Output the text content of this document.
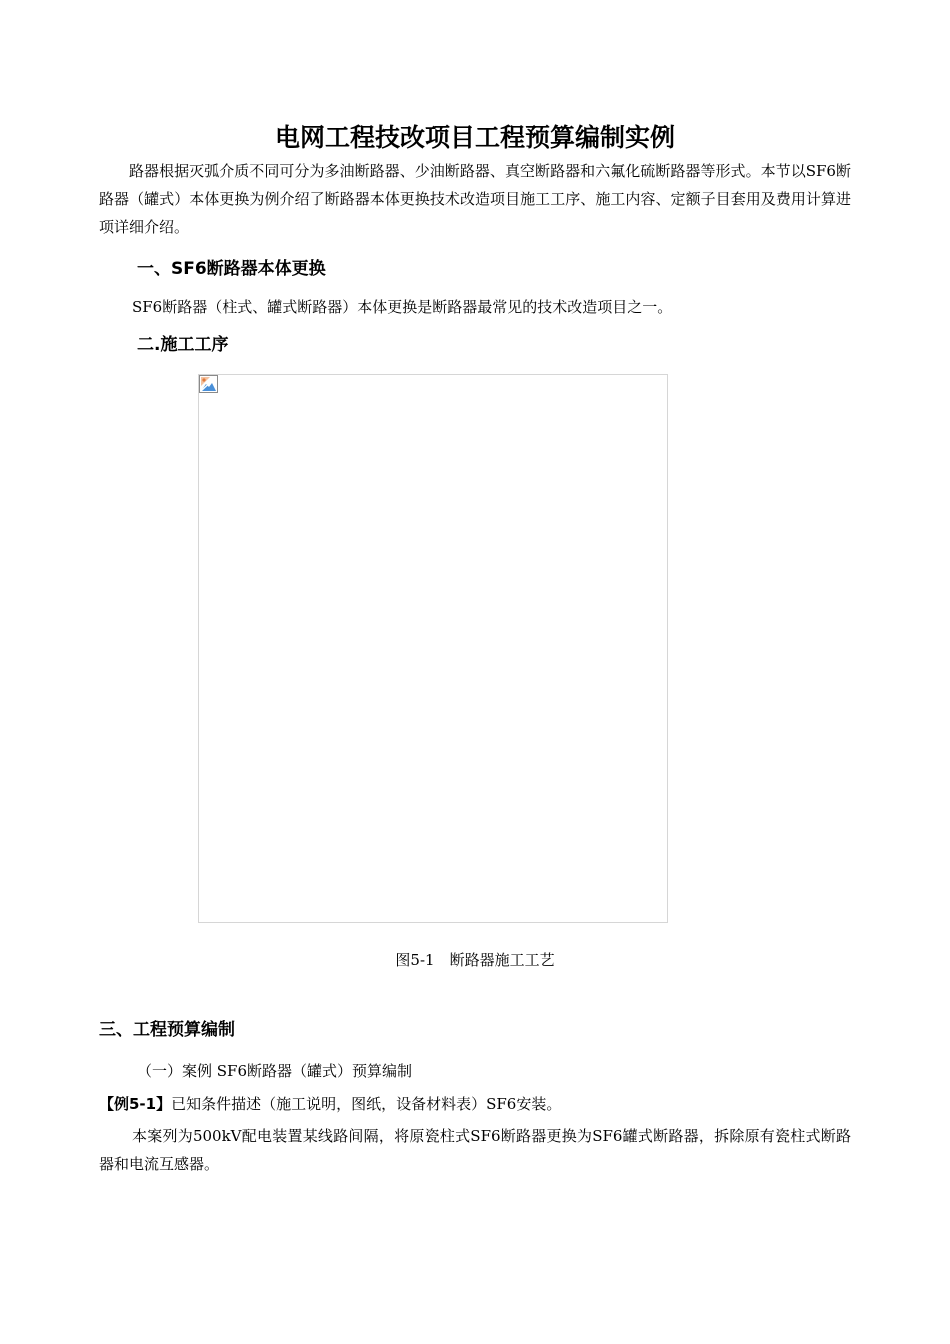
电网工程技改项目工程预算编制实例
路器根据灭弧介质不同可分为多油断路器、少油断路器、真空断路器和六氟化硫断路器等形式。本节以SF6断路器（罐式）本体更换为例介绍了断路器本体更换技术改造项目施工工序、施工内容、定额子目套用及费用计算进项详细介绍。
一、SF6断路器本体更换
SF6断路器（柱式、罐式断路器）本体更换是断路器最常见的技术改造项目之一。
二.施工工序
图5-1　断路器施工工艺
三、工程预算编制
（一）案例 SF6断路器（罐式）预算编制
【例5-1】已知条件描述（施工说明，图纸，设备材料表）SF6安装。
本案列为500kV配电装置某线路间隔，将原瓷柱式SF6断路器更换为SF6罐式断路器，拆除原有瓷柱式断路器和电流互感器。
